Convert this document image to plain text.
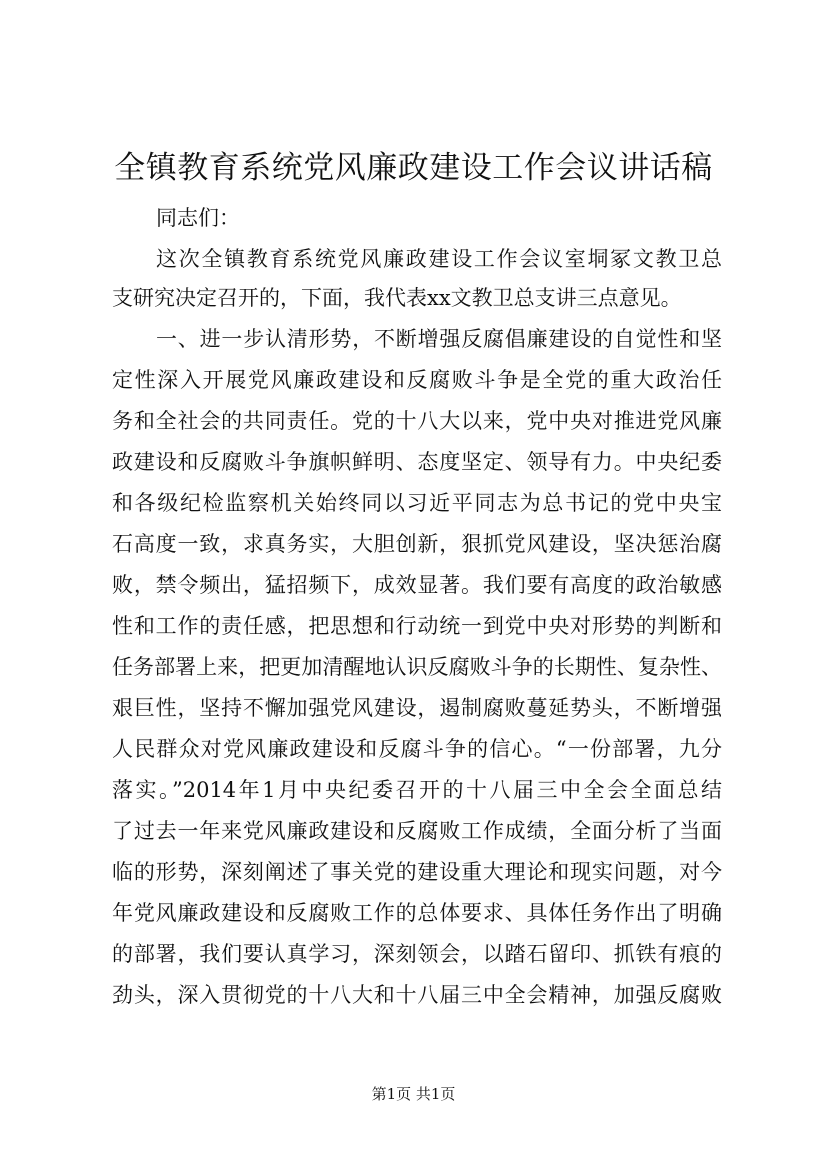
全镇教育系统党风廉政建设工作会议讲话稿
同志们：
这次全镇教育系统党风廉政建设工作会议室垌冢文教卫总
支研究决定召开的，下面，我代表xx文教卫总支讲三点意见。
一、进一步认清形势，不断增强反腐倡廉建设的自觉性和坚
定性深入开展党风廉政建设和反腐败斗争是全党的重大政治任
务和全社会的共同责任。党的十八大以来，党中央对推进党风廉
政建设和反腐败斗争旗帜鲜明、态度坚定、领导有力。中央纪委
和各级纪检监察机关始终同以习近平同志为总书记的党中央宝
石高度一致，求真务实，大胆创新，狠抓党风建设，坚决惩治腐
败，禁令频出，猛招频下，成效显著。我们要有高度的政治敏感
性和工作的责任感，把思想和行动统一到党中央对形势的判断和
任务部署上来，把更加清醒地认识反腐败斗争的长期性、复杂性、
艰巨性，坚持不懈加强党风建设，遏制腐败蔓延势头，不断增强
人民群众对党风廉政建设和反腐斗争的信心。“一份部署，九分
落实。”2014年1月中央纪委召开的十八届三中全会全面总结
了过去一年来党风廉政建设和反腐败工作成绩，全面分析了当面
临的形势，深刻阐述了事关党的建设重大理论和现实问题，对今
年党风廉政建设和反腐败工作的总体要求、具体任务作出了明确
的部署，我们要认真学习，深刻领会，以踏石留印、抓铁有痕的
劲头，深入贯彻党的十八大和十八届三中全会精神，加强反腐败
第1页 共1页
